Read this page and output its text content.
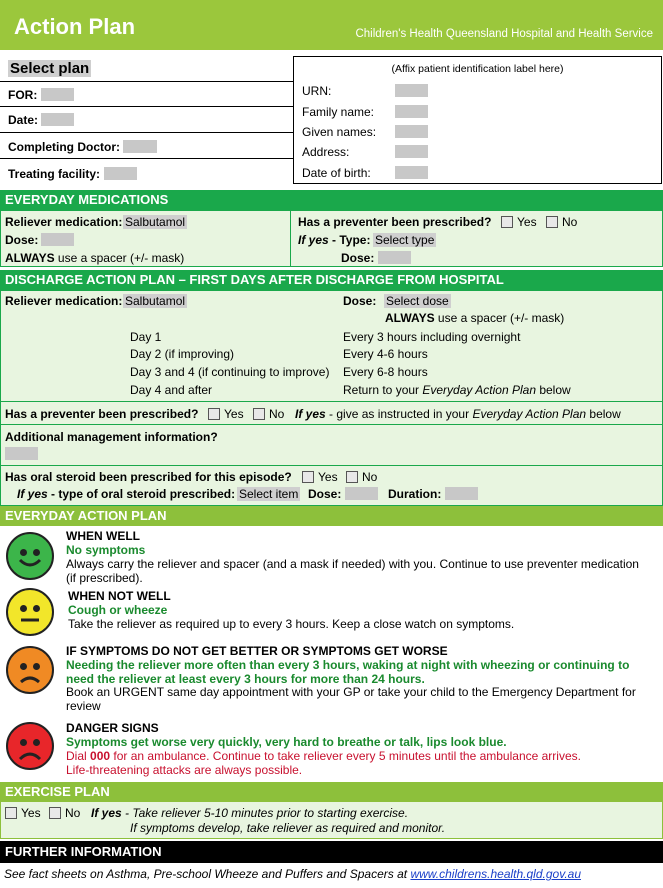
Action Plan	Children's Health Queensland Hospital and Health Service
Select plan
FOR:
Date:
Completing Doctor:
Treating facility:
(Affix patient identification label here)
URN:
Family name:
Given names:
Address:
Date of birth:
EVERYDAY MEDICATIONS
Reliever medication: Salbutamol
Dose:
ALWAYS use a spacer (+/- mask)
Has a preventer been prescribed?	Yes	No
If yes - Type: Select type
Dose:
DISCHARGE ACTION PLAN – FIRST DAYS AFTER DISCHARGE FROM HOSPITAL
Reliever medication: Salbutamol	Dose: Select dose
ALWAYS use a spacer (+/- mask)
Day 1	Every 3 hours including overnight
Day 2 (if improving)	Every 4-6 hours
Day 3 and 4 (if continuing to improve) Every 6-8 hours
Day 4 and after	Return to your Everyday Action Plan below
Has a preventer been prescribed?	Yes	No If yes - give as instructed in your Everyday Action Plan below
Additional management information?
Has oral steroid been prescribed for this episode?	Yes	No
If yes - type of oral steroid prescribed: Select item Dose:	Duration:
EVERYDAY ACTION PLAN
WHEN WELL
No symptoms
Always carry the reliever and spacer (and a mask if needed) with you. Continue to use preventer medication
(if prescribed).
WHEN NOT WELL
Cough or wheeze
Take the reliever as required up to every 3 hours. Keep a close watch on symptoms.
IF SYMPTOMS DO NOT GET BETTER OR SYMPTOMS GET WORSE
Needing the reliever more often than every 3 hours, waking at night with wheezing or continuing to
need the reliever at least every 3 hours for more than 24 hours.
Book an URGENT same day appointment with your GP or take your child to the Emergency Department for
review
DANGER SIGNS
Symptoms get worse very quickly, very hard to breathe or talk, lips look blue.
Dial 000 for an ambulance. Continue to take reliever every 5 minutes until the ambulance arrives.
Life-threatening attacks are always possible.
EXERCISE PLAN
Yes	No If yes - Take reliever 5-10 minutes prior to starting exercise.
If symptoms develop, take reliever as required and monitor.
FURTHER INFORMATION
See fact sheets on Asthma, Pre-school Wheeze and Puffers and Spacers at www.childrens.health.qld.gov.au
